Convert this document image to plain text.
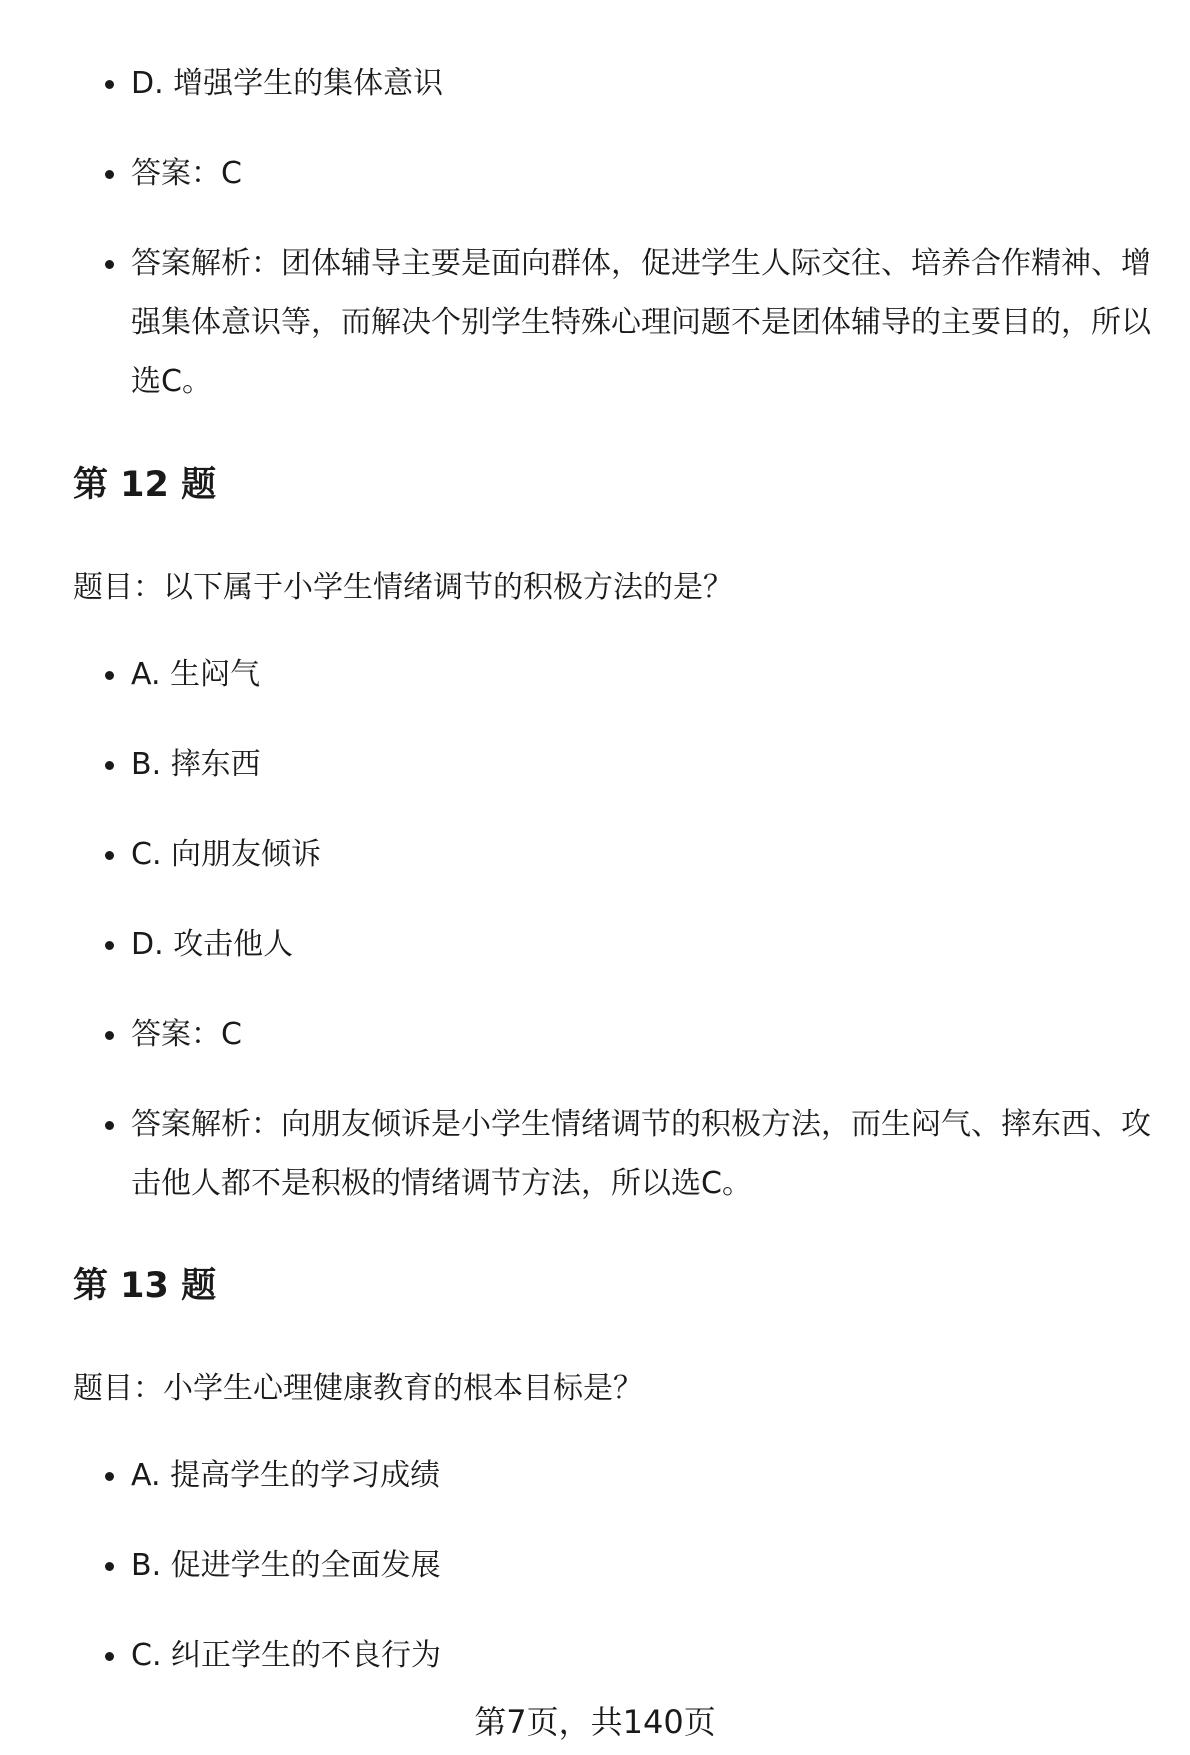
D. 增强学生的集体意识
答案：C
答案解析：团体辅导主要是面向群体，促进学生人际交往、培养合作精神、增强集体意识等，而解决个别学生特殊心理问题不是团体辅导的主要目的，所以选C。
第 12 题
题目：以下属于小学生情绪调节的积极方法的是？
A. 生闷气
B. 摔东西
C. 向朋友倾诉
D. 攻击他人
答案：C
答案解析：向朋友倾诉是小学生情绪调节的积极方法，而生闷气、摔东西、攻击他人都不是积极的情绪调节方法，所以选C。
第 13 题
题目：小学生心理健康教育的根本目标是？
A. 提高学生的学习成绩
B. 促进学生的全面发展
C. 纠正学生的不良行为
第7页，共140页
